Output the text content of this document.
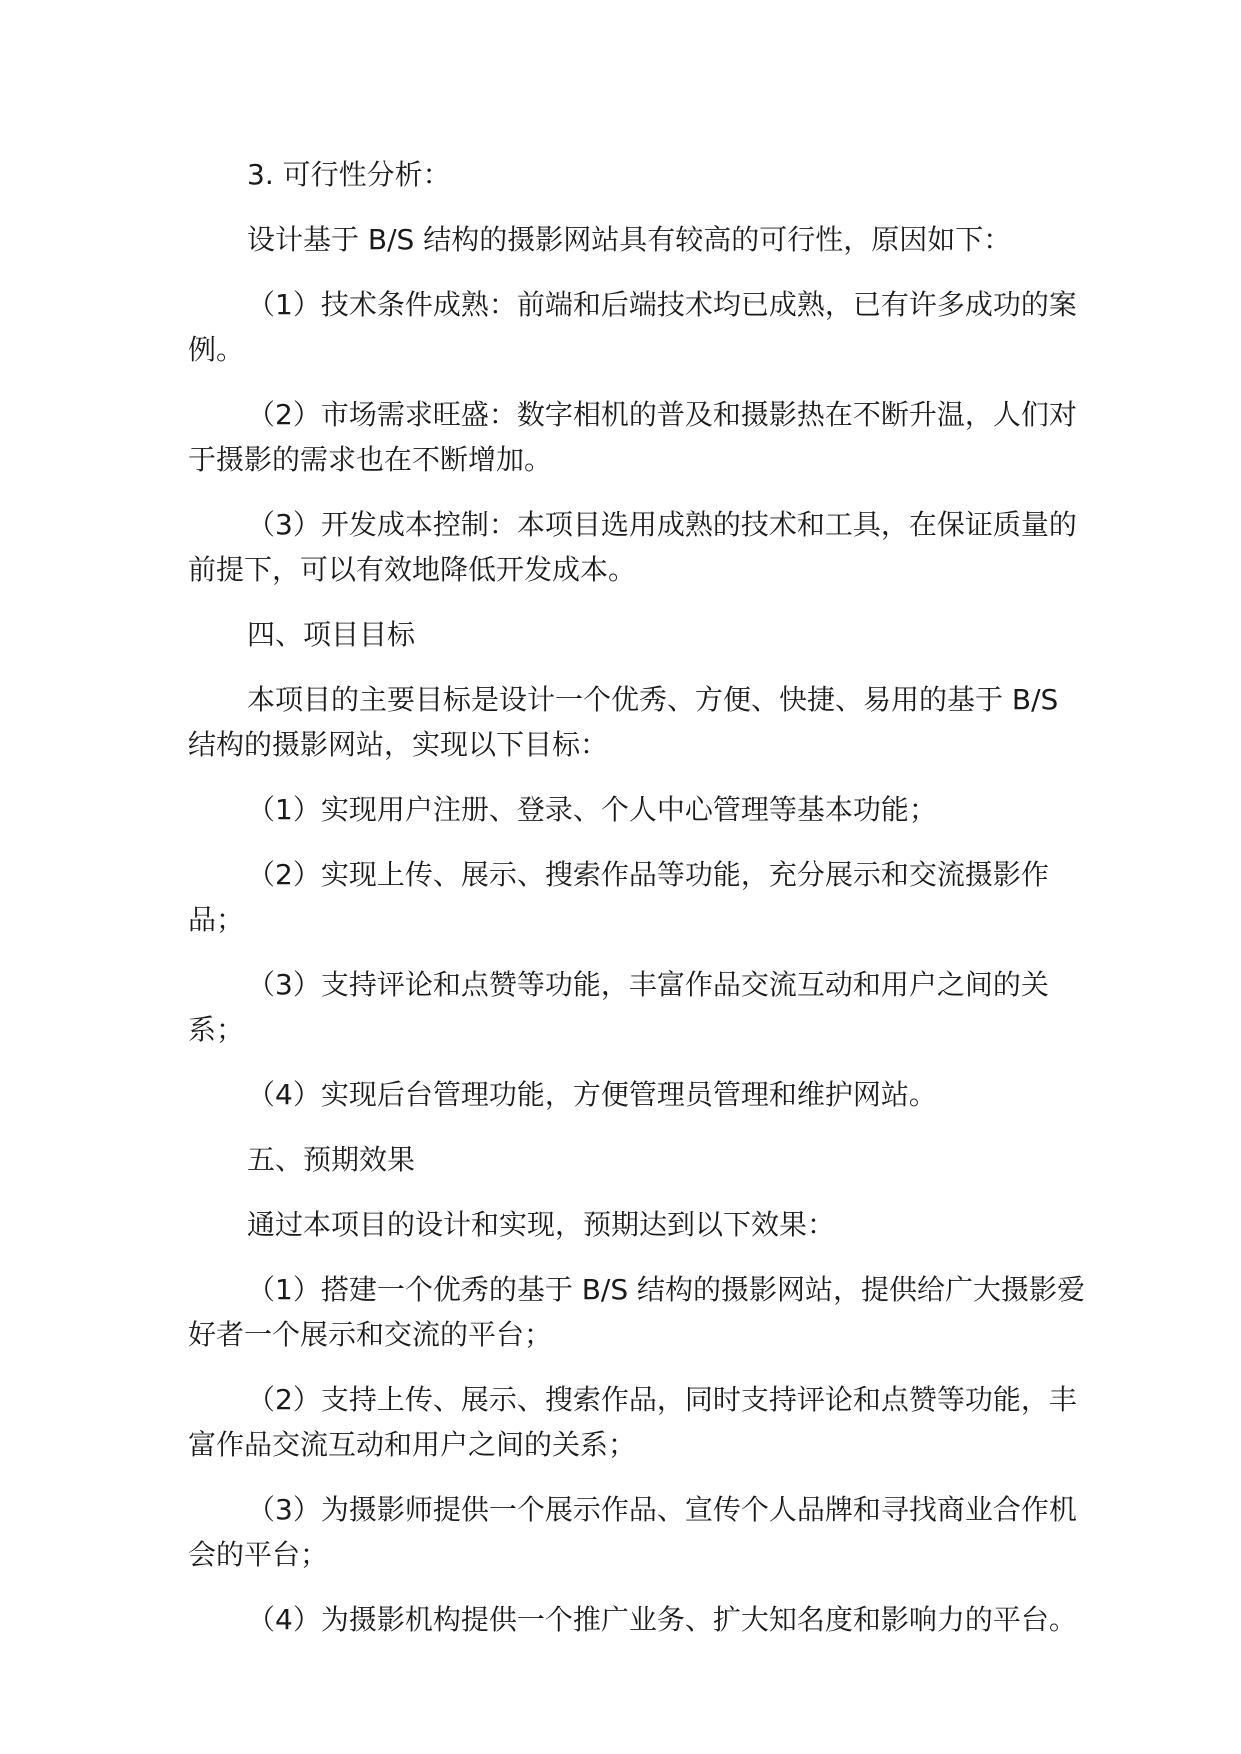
3. 可行性分析：

设计基于 B/S 结构的摄影网站具有较高的可行性，原因如下：

（1）技术条件成熟：前端和后端技术均已成熟，已有许多成功的案例。

（2）市场需求旺盛：数字相机的普及和摄影热在不断升温，人们对于摄影的需求也在不断增加。

（3）开发成本控制：本项目选用成熟的技术和工具，在保证质量的前提下，可以有效地降低开发成本。

四、项目目标

本项目的主要目标是设计一个优秀、方便、快捷、易用的基于 B/S 结构的摄影网站，实现以下目标：

（1）实现用户注册、登录、个人中心管理等基本功能；

（2）实现上传、展示、搜索作品等功能，充分展示和交流摄影作品；

（3）支持评论和点赞等功能，丰富作品交流互动和用户之间的关系；

（4）实现后台管理功能，方便管理员管理和维护网站。

五、预期效果

通过本项目的设计和实现，预期达到以下效果：

（1）搭建一个优秀的基于 B/S 结构的摄影网站，提供给广大摄影爱好者一个展示和交流的平台；

（2）支持上传、展示、搜索作品，同时支持评论和点赞等功能，丰富作品交流互动和用户之间的关系；

（3）为摄影师提供一个展示作品、宣传个人品牌和寻找商业合作机会的平台；

（4）为摄影机构提供一个推广业务、扩大知名度和影响力的平台。
